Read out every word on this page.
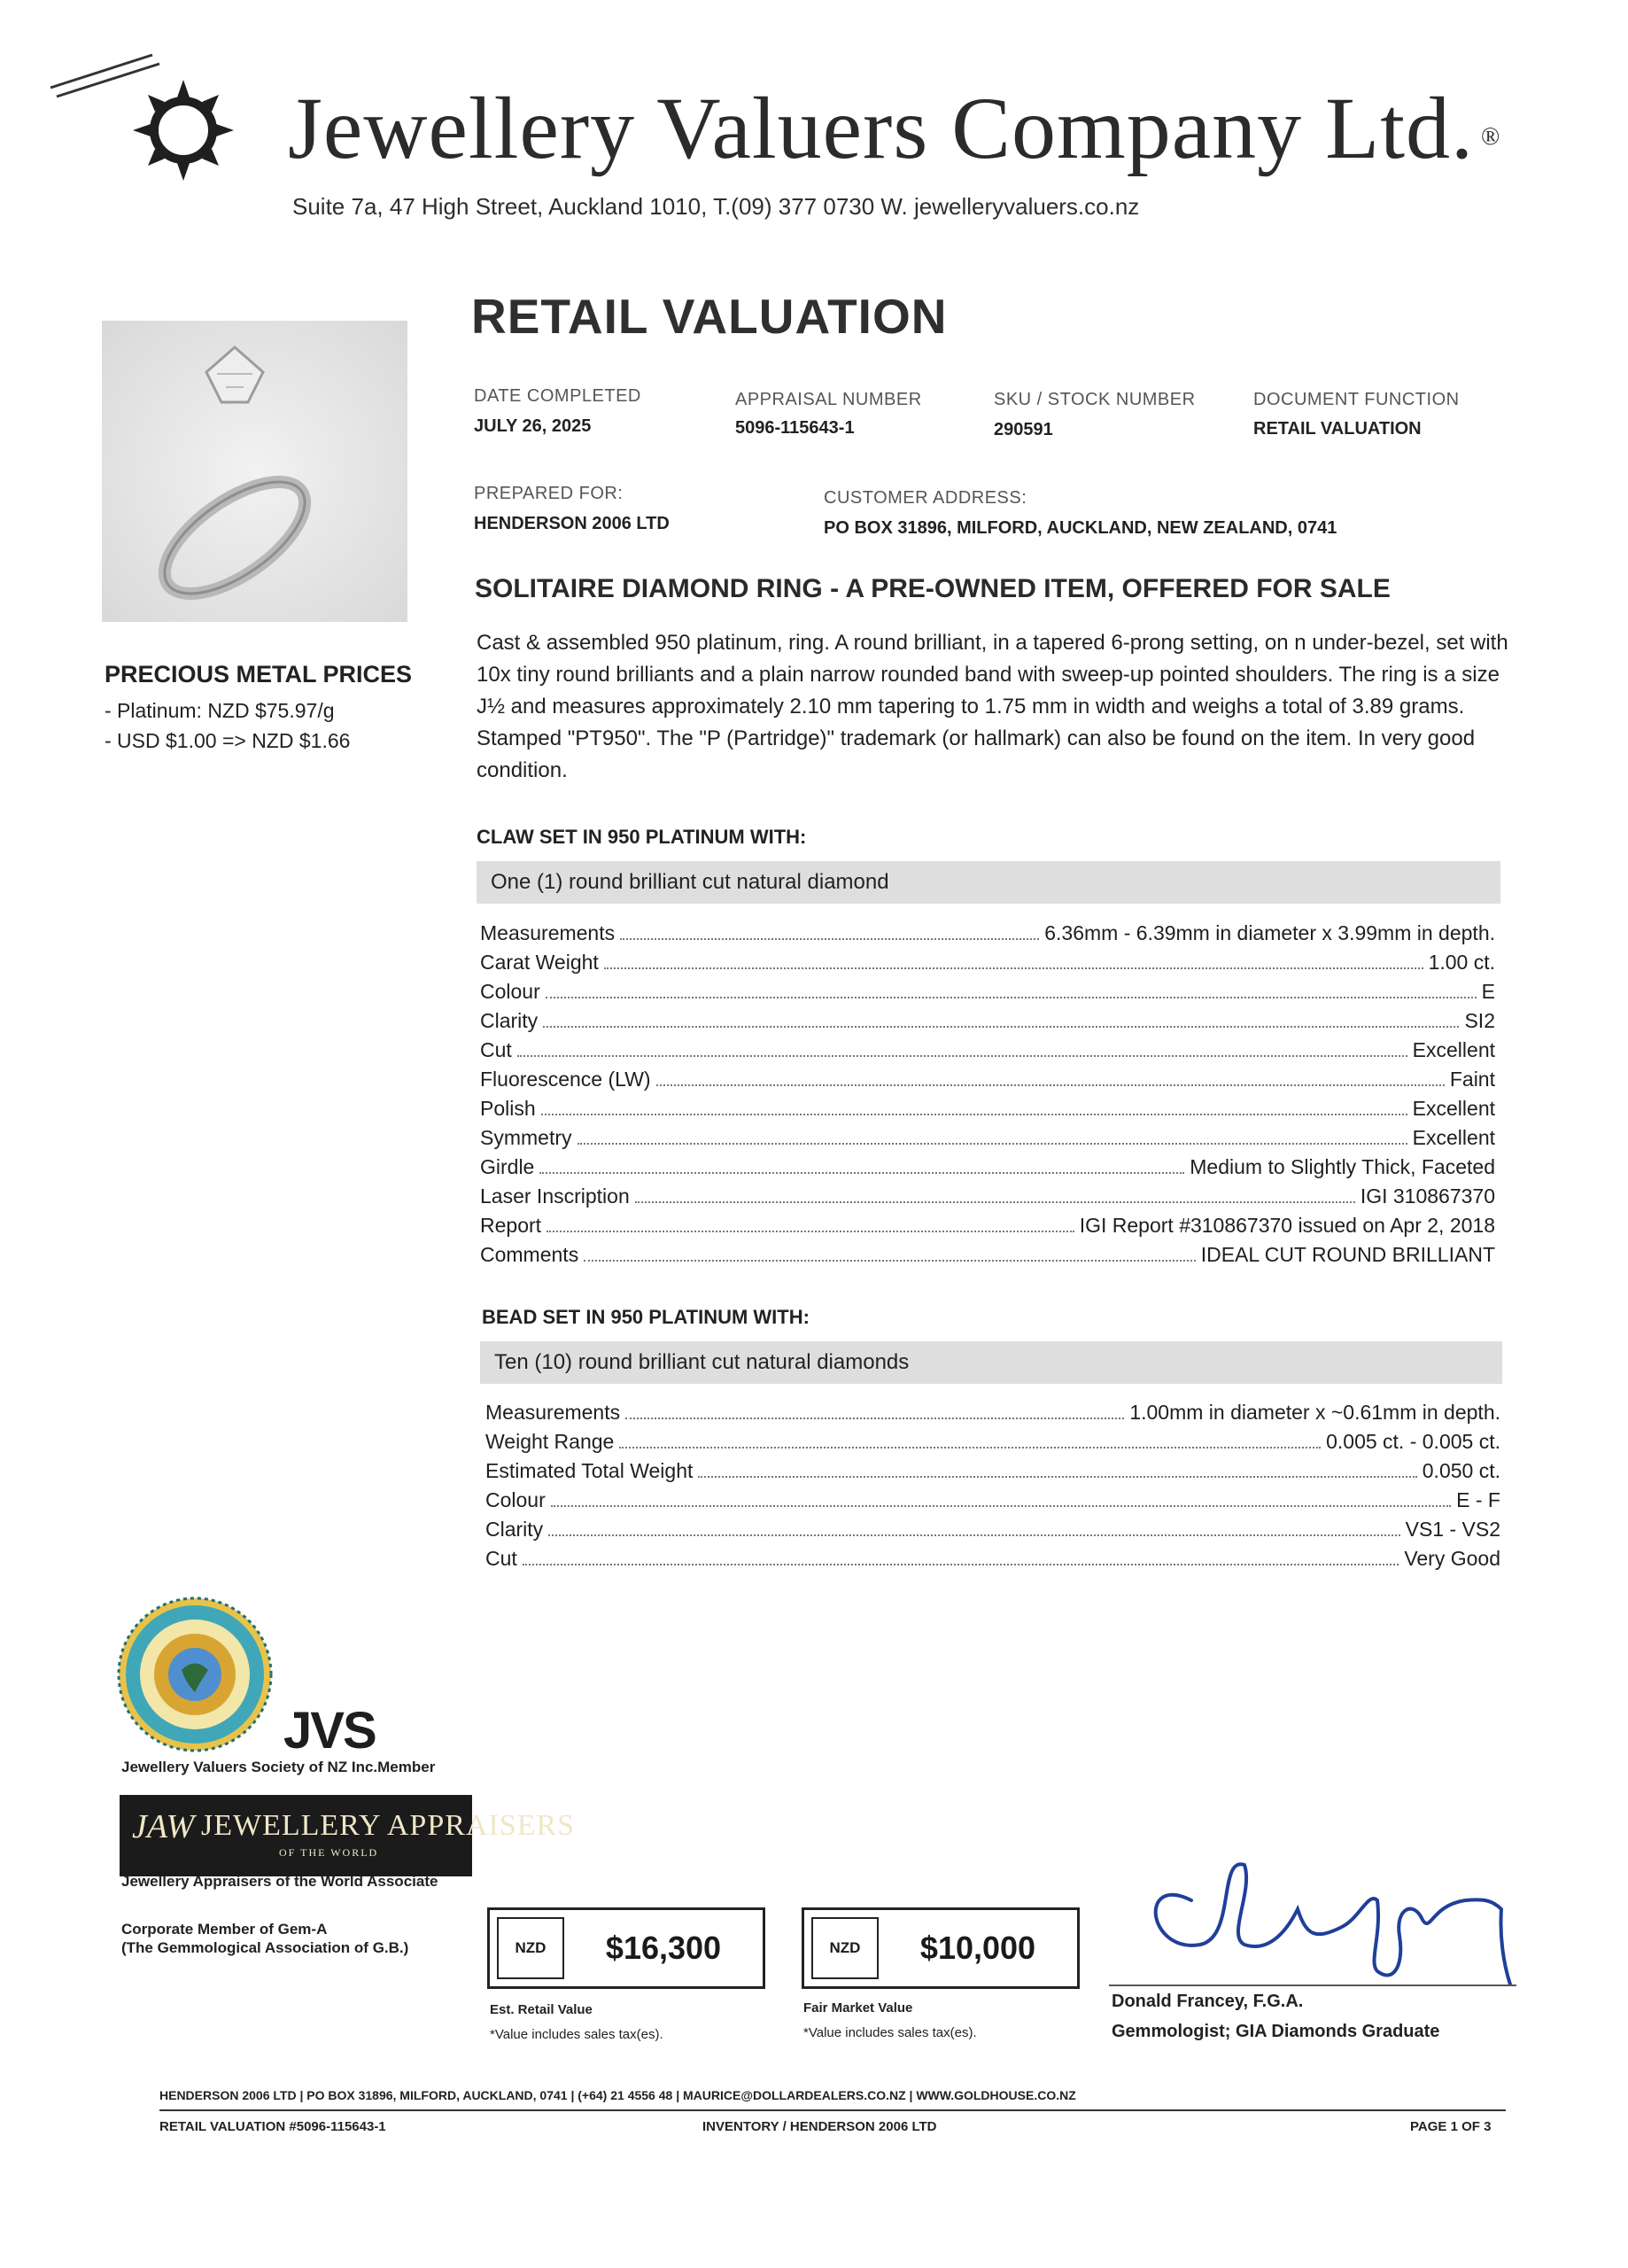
Jewellery Valuers Company Ltd. ®
Suite 7a, 47 High Street, Auckland 1010, T.(09) 377 0730 W. jewelleryvaluers.co.nz
PRECIOUS METAL PRICES
- Platinum: NZD $75.97/g
- USD $1.00 => NZD $1.66
RETAIL VALUATION
DATE COMPLETED
JULY 26, 2025
APPRAISAL NUMBER
5096-115643-1
SKU / STOCK NUMBER
290591
DOCUMENT FUNCTION
RETAIL VALUATION
PREPARED FOR:
HENDERSON 2006 LTD
CUSTOMER ADDRESS:
PO BOX 31896, MILFORD, AUCKLAND, NEW ZEALAND, 0741
SOLITAIRE DIAMOND RING - A PRE-OWNED ITEM, OFFERED FOR SALE
Cast & assembled 950 platinum, ring. A round brilliant, in a tapered 6-prong setting, on n under-bezel, set with 10x tiny round brilliants and a plain narrow rounded band with sweep-up pointed shoulders. The ring is a size J½ and measures approximately 2.10 mm tapering to 1.75 mm in width and weighs a total of 3.89 grams. Stamped "PT950". The "P (Partridge)" trademark (or hallmark) can also be found on the item. In very good condition.
CLAW SET IN 950 PLATINUM WITH:
One (1) round brilliant cut natural diamond
Measurements	6.36mm - 6.39mm in diameter x 3.99mm in depth.
Carat Weight	1.00 ct.
Colour	E
Clarity	SI2
Cut	Excellent
Fluorescence (LW)	Faint
Polish	Excellent
Symmetry	Excellent
Girdle	Medium to Slightly Thick, Faceted
Laser Inscription	IGI 310867370
Report	IGI Report #310867370 issued on Apr 2, 2018
Comments	IDEAL CUT ROUND BRILLIANT
BEAD SET IN 950 PLATINUM WITH:
Ten (10) round brilliant cut natural diamonds
Measurements	1.00mm in diameter x ~0.61mm in depth.
Weight Range	0.005 ct. - 0.005 ct.
Estimated Total Weight	0.050 ct.
Colour	E - F
Clarity	VS1 - VS2
Cut	Very Good
JVS
Jewellery Valuers Society of NZ Inc.Member
JAW JEWELLERY APPRAISERS
OF THE WORLD
Jewellery Appraisers of the World Associate
Corporate Member of Gem-A
(The Gemmological Association of G.B.)	NZD	$16,300
Est. Retail Value
*Value includes sales tax(es).
NZD	$10,000
Fair Market Value
*Value includes sales tax(es).
Donald Francey, F.G.A.
Gemmologist; GIA Diamonds Graduate
HENDERSON 2006 LTD | PO BOX 31896, MILFORD, AUCKLAND, 0741 | (+64) 21 4556 48 | MAURICE@DOLLARDEALERS.CO.NZ | WWW.GOLDHOUSE.CO.NZ
RETAIL VALUATION #5096-115643-1	INVENTORY / HENDERSON 2006 LTD	PAGE 1 OF 3
